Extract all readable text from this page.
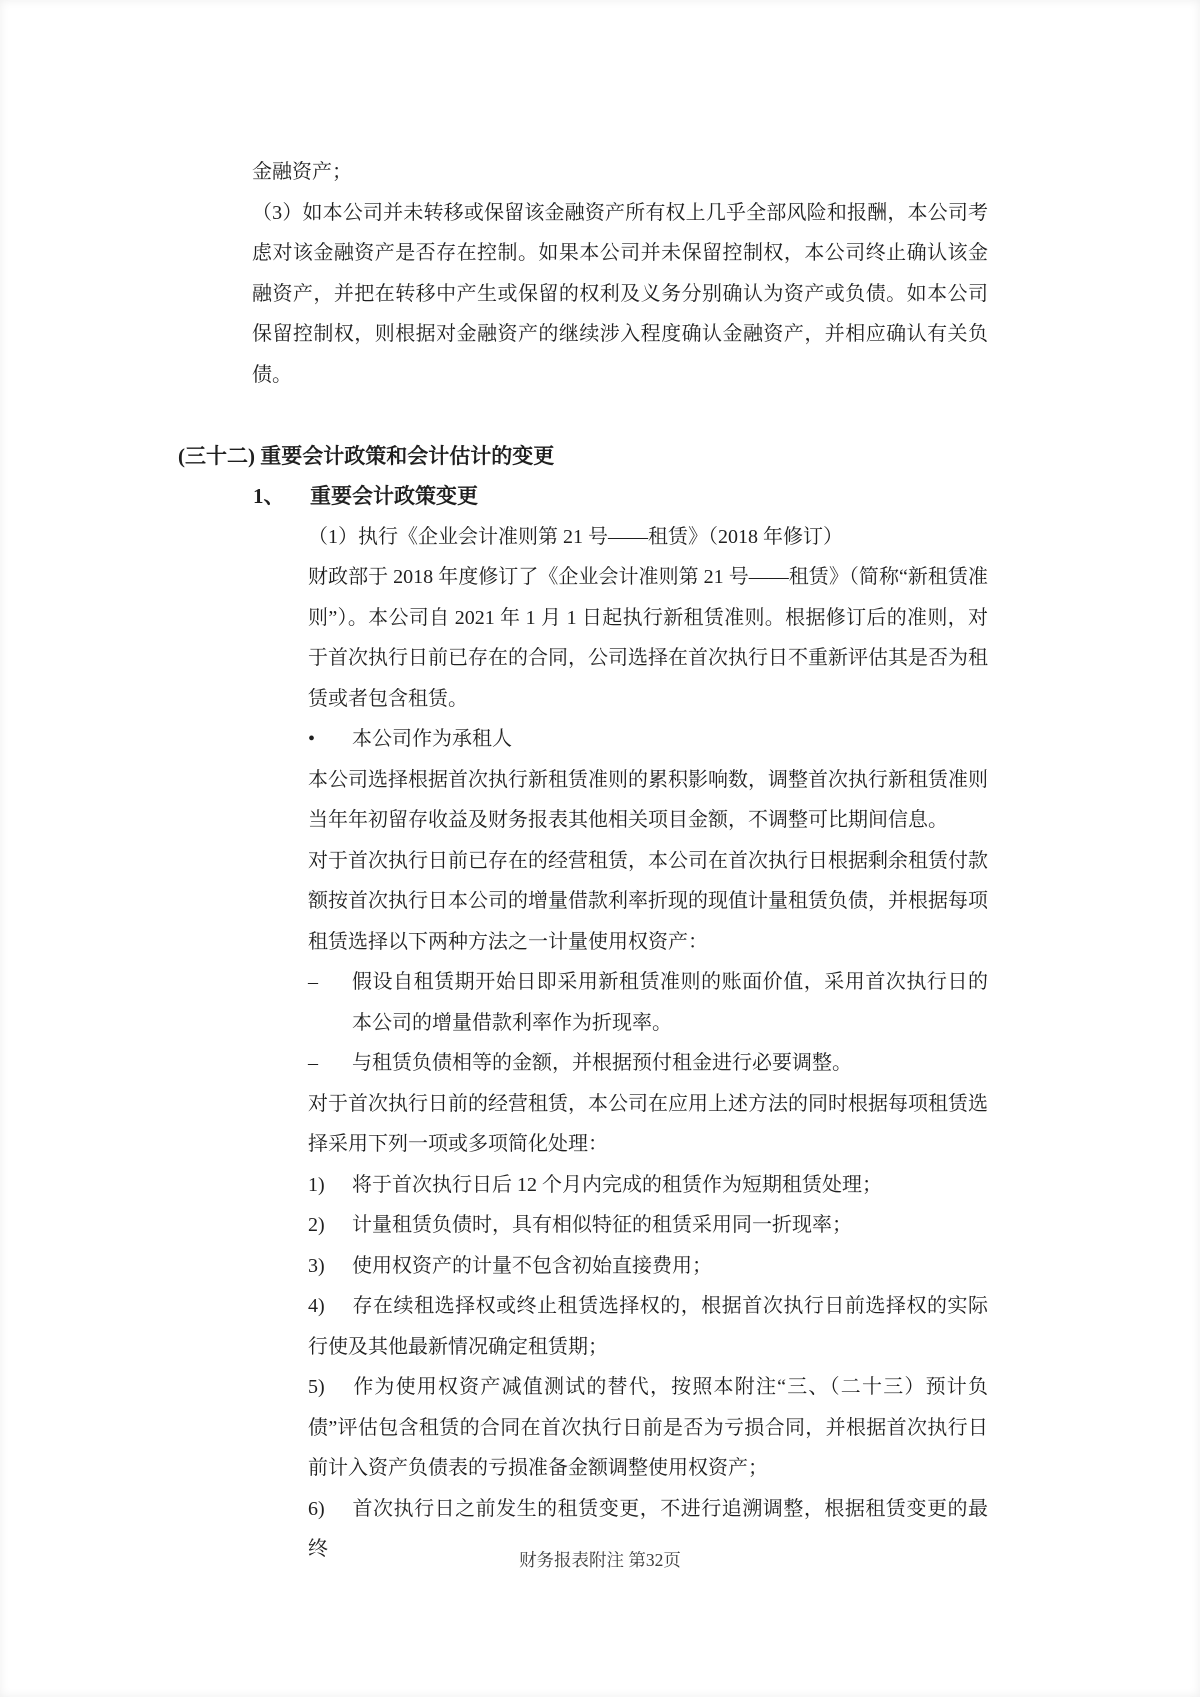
金融资产；

（3）如本公司并未转移或保留该金融资产所有权上几乎全部风险和报酬，本公司考虑对该金融资产是否存在控制。如果本公司并未保留控制权，本公司终止确认该金融资产，并把在转移中产生或保留的权利及义务分别确认为资产或负债。如本公司保留控制权，则根据对金融资产的继续涉入程度确认金融资产，并相应确认有关负债。

(三十二) 重要会计政策和会计估计的变更
1、 重要会计政策变更

（1）执行《企业会计准则第 21 号——租赁》（2018 年修订）

财政部于 2018 年度修订了《企业会计准则第 21 号——租赁》（简称“新租赁准则”）。本公司自 2021 年 1 月 1 日起执行新租赁准则。根据修订后的准则，对于首次执行日前已存在的合同，公司选择在首次执行日不重新评估其是否为租赁或者包含租赁。

•	本公司作为承租人

本公司选择根据首次执行新租赁准则的累积影响数，调整首次执行新租赁准则当年年初留存收益及财务报表其他相关项目金额，不调整可比期间信息。

对于首次执行日前已存在的经营租赁，本公司在首次执行日根据剩余租赁付款额按首次执行日本公司的增量借款利率折现的现值计量租赁负债，并根据每项租赁选择以下两种方法之一计量使用权资产：

–	假设自租赁期开始日即采用新租赁准则的账面价值，采用首次执行日的本公司的增量借款利率作为折现率。
–	与租赁负债相等的金额，并根据预付租金进行必要调整。

对于首次执行日前的经营租赁，本公司在应用上述方法的同时根据每项租赁选择采用下列一项或多项简化处理：

1) 将于首次执行日后 12 个月内完成的租赁作为短期租赁处理；

2) 计量租赁负债时，具有相似特征的租赁采用同一折现率；

3) 使用权资产的计量不包含初始直接费用；

4) 存在续租选择权或终止租赁选择权的，根据首次执行日前选择权的实际行使及其他最新情况确定租赁期；

5) 作为使用权资产减值测试的替代，按照本附注“三、（二十三）预计负债”评估包含租赁的合同在首次执行日前是否为亏损合同，并根据首次执行日前计入资产负债表的亏损准备金额调整使用权资产；

6) 首次执行日之前发生的租赁变更，不进行追溯调整，根据租赁变更的最终	财务报表附注 第32页
